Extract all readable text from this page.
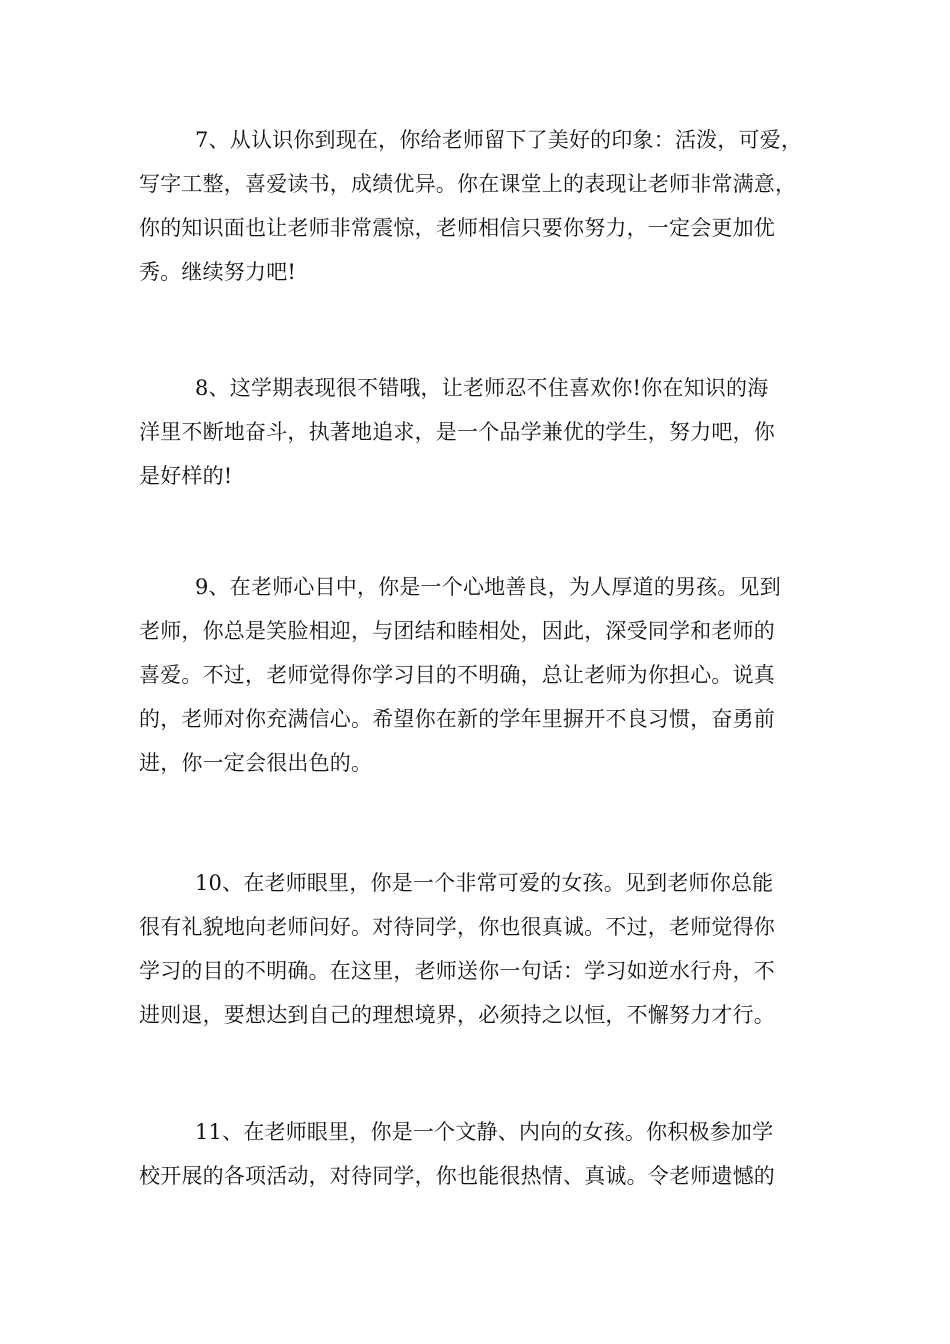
7、从认识你到现在，你给老师留下了美好的印象：活泼，可爱，
写字工整，喜爱读书，成绩优异。你在课堂上的表现让老师非常满意，
你的知识面也让老师非常震惊，老师相信只要你努力，一定会更加优
秀。继续努力吧!
8、这学期表现很不错哦，让老师忍不住喜欢你!你在知识的海
洋里不断地奋斗，执著地追求，是一个品学兼优的学生，努力吧，你
是好样的!
9、在老师心目中，你是一个心地善良，为人厚道的男孩。见到
老师，你总是笑脸相迎，与团结和睦相处，因此，深受同学和老师的
喜爱。不过，老师觉得你学习目的不明确，总让老师为你担心。说真
的，老师对你充满信心。希望你在新的学年里摒开不良习惯，奋勇前
进，你一定会很出色的。
10、在老师眼里，你是一个非常可爱的女孩。见到老师你总能
很有礼貌地向老师问好。对待同学，你也很真诚。不过，老师觉得你
学习的目的不明确。在这里，老师送你一句话：学习如逆水行舟，不
进则退，要想达到自己的理想境界，必须持之以恒，不懈努力才行。
11、在老师眼里，你是一个文静、内向的女孩。你积极参加学
校开展的各项活动，对待同学，你也能很热情、真诚。令老师遗憾的
